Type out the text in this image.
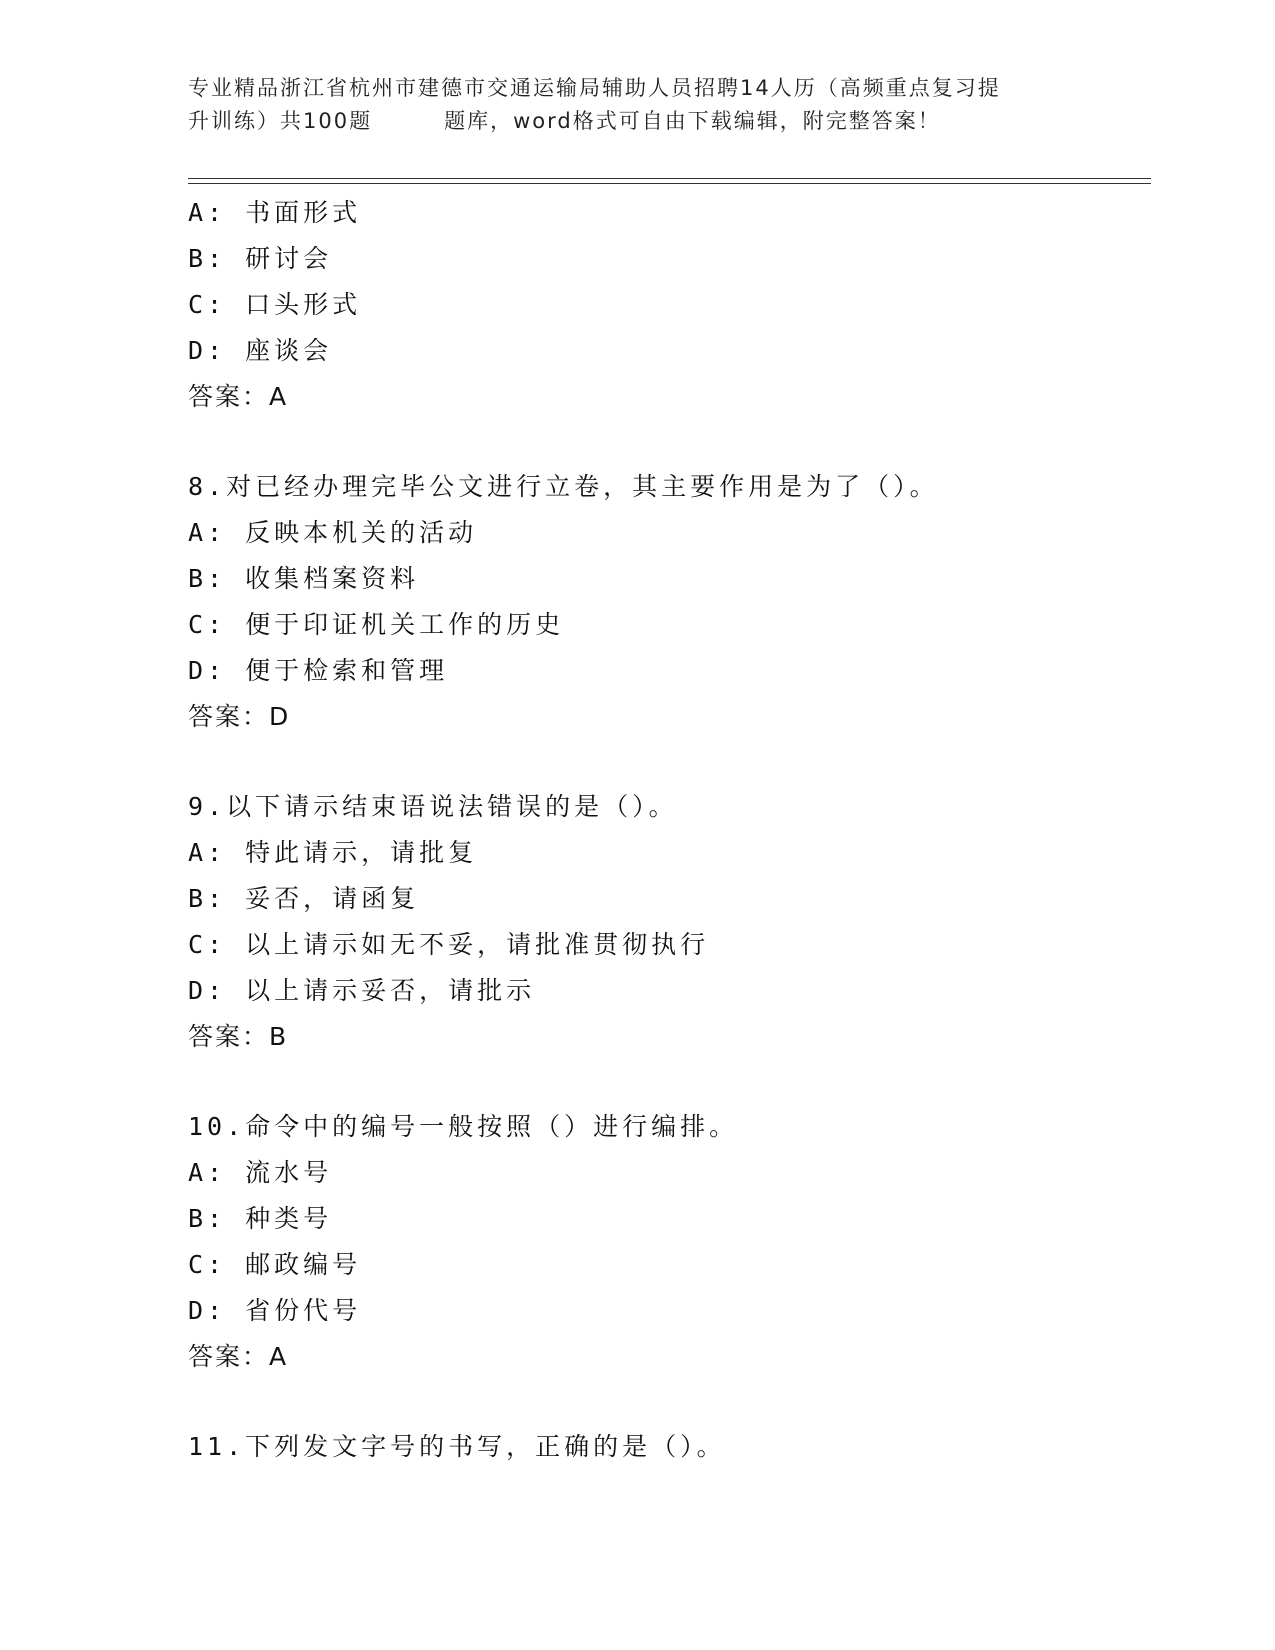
专业精品浙江省杭州市建德市交通运输局辅助人员招聘14人历（高频重点复习提
升训练）共100题	题库，word格式可自由下载编辑，附完整答案！
A: 书面形式
B: 研讨会
C: 口头形式
D: 座谈会
答案：A
8.对已经办理完毕公文进行立卷，其主要作用是为了（）。
A: 反映本机关的活动
B: 收集档案资料
C: 便于印证机关工作的历史
D: 便于检索和管理
答案：D
9.以下请示结束语说法错误的是（）。
A: 特此请示，请批复
B: 妥否，请函复
C: 以上请示如无不妥，请批准贯彻执行
D: 以上请示妥否，请批示
答案：B
10.命令中的编号一般按照（）进行编排。
A: 流水号
B: 种类号
C: 邮政编号
D: 省份代号
答案：A
11.下列发文字号的书写，正确的是（）。
